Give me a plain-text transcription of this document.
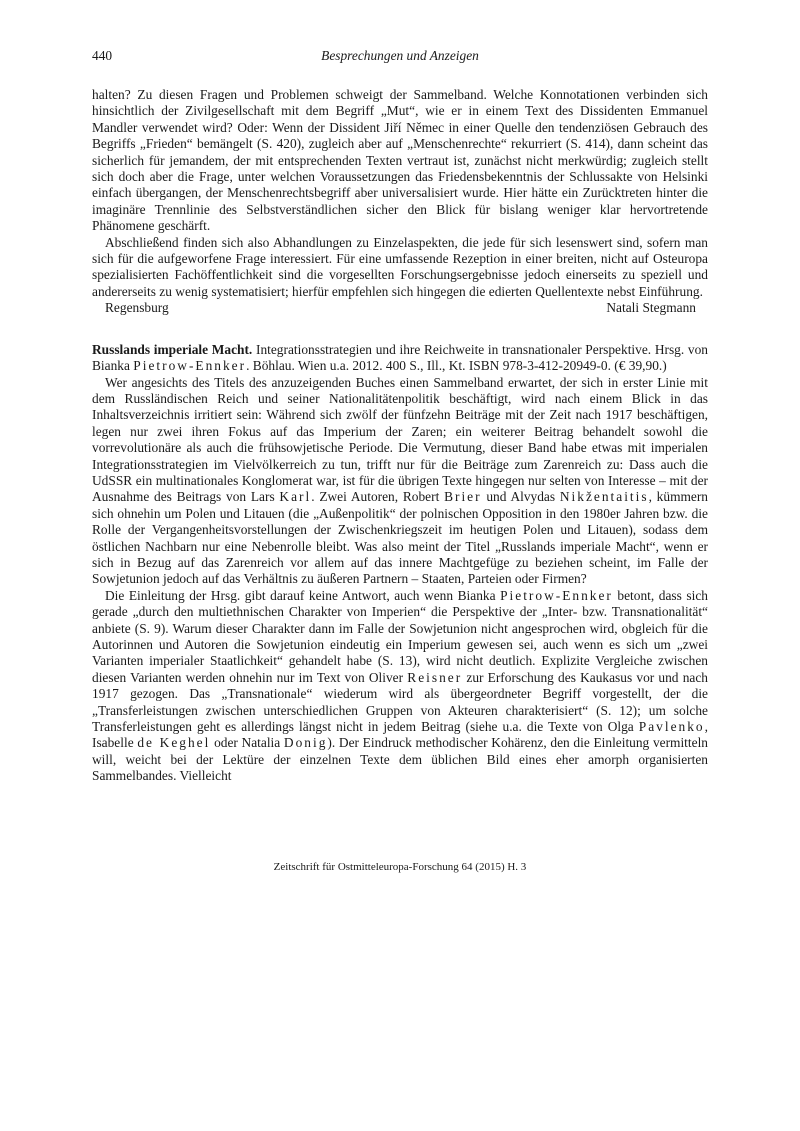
440	Besprechungen und Anzeigen

halten? Zu diesen Fragen und Problemen schweigt der Sammelband. Welche Konnotationen verbinden sich hinsichtlich der Zivilgesellschaft mit dem Begriff „Mut“, wie er in einem Text des Dissidenten Emmanuel Mandler verwendet wird? Oder: Wenn der Dissident Jiří Němec in einer Quelle den tendenziösen Gebrauch des Begriffs „Frieden“ bemängelt (S. 420), zugleich aber auf „Menschenrechte“ rekurriert (S. 414), dann scheint das sicherlich für jemandem, der mit entsprechenden Texten vertraut ist, zunächst nicht merkwürdig; zugleich stellt sich doch aber die Frage, unter welchen Voraussetzungen das Friedensbekenntnis der Schlussakte von Helsinki einfach übergangen, der Menschenrechtsbegriff aber universalisiert wurde. Hier hätte ein Zurücktreten hinter die imaginäre Trennlinie des Selbstverständlichen sicher den Blick für bislang weniger klar hervortretende Phänomene geschärft.

Abschließend finden sich also Abhandlungen zu Einzelaspekten, die jede für sich lesenswert sind, sofern man sich für die aufgeworfene Frage interessiert. Für eine umfassende Rezeption in einer breiten, nicht auf Osteuropa spezialisierten Fachöffentlichkeit sind die vorgesellten Forschungsergebnisse jedoch einerseits zu speziell und andererseits zu wenig systematisiert; hierfür empfehlen sich hingegen die edierten Quellentexte nebst Einführung.

Regensburg	Natali Stegmann

Russlands imperiale Macht. Integrationsstrategien und ihre Reichweite in transnationaler Perspektive. Hrsg. von Bianka Pietrow-Ennker. Böhlau. Wien u.a. 2012. 400 S., Ill., Kt. ISBN 978-3-412-20949-0. (€ 39,90.)

Wer angesichts des Titels des anzuzeigenden Buches einen Sammelband erwartet, der sich in erster Linie mit dem Russländischen Reich und seiner Nationalitätenpolitik beschäftigt, wird nach einem Blick in das Inhaltsverzeichnis irritiert sein: Während sich zwölf der fünfzehn Beiträge mit der Zeit nach 1917 beschäftigen, legen nur zwei ihren Fokus auf das Imperium der Zaren; ein weiterer Beitrag behandelt sowohl die vorrevolutionäre als auch die frühsowjetische Periode. Die Vermutung, dieser Band habe etwas mit imperialen Integrationsstrategien im Vielvölkerreich zu tun, trifft nur für die Beiträge zum Zarenreich zu: Dass auch die UdSSR ein multinationales Konglomerat war, ist für die übrigen Texte hingegen nur selten von Interesse – mit der Ausnahme des Beitrags von Lars Karl. Zwei Autoren, Robert Brier und Alvydas Nikžentaitis, kümmern sich ohnehin um Polen und Litauen (die „Außenpolitik“ der polnischen Opposition in den 1980er Jahren bzw. die Rolle der Vergangenheitsvorstellungen der Zwischenkriegszeit im heutigen Polen und Litauen), sodass dem östlichen Nachbarn nur eine Nebenrolle bleibt. Was also meint der Titel „Russlands imperiale Macht“, wenn er sich in Bezug auf das Zarenreich vor allem auf das innere Machtgefüge zu beziehen scheint, im Falle der Sowjetunion jedoch auf das Verhältnis zu äußeren Partnern – Staaten, Parteien oder Firmen?

Die Einleitung der Hrsg. gibt darauf keine Antwort, auch wenn Bianka Pietrow-Ennker betont, dass sich gerade „durch den multiethnischen Charakter von Imperien“ die Perspektive der „Inter- bzw. Transnationalität“ anbiete (S. 9). Warum dieser Charakter dann im Falle der Sowjetunion nicht angesprochen wird, obgleich für die Autorinnen und Autoren die Sowjetunion eindeutig ein Imperium gewesen sei, auch wenn es sich um „zwei Varianten imperialer Staatlichkeit“ gehandelt habe (S. 13), wird nicht deutlich. Explizite Vergleiche zwischen diesen Varianten werden ohnehin nur im Text von Oliver Reisner zur Erforschung des Kaukasus vor und nach 1917 gezogen. Das „Transnationale“ wiederum wird als übergeordneter Begriff vorgestellt, der die „Transferleistungen zwischen unterschiedlichen Gruppen von Akteuren charakterisiert“ (S. 12); um solche Transferleistungen geht es allerdings längst nicht in jedem Beitrag (siehe u.a. die Texte von Olga Pavlenko, Isabelle de Keghel oder Natalia Donig). Der Eindruck methodischer Kohärenz, den die Einleitung vermitteln will, weicht bei der Lektüre der einzelnen Texte dem üblichen Bild eines eher amorph organisierten Sammelbandes. Vielleicht

Zeitschrift für Ostmitteleuropa-Forschung 64 (2015) H. 3
